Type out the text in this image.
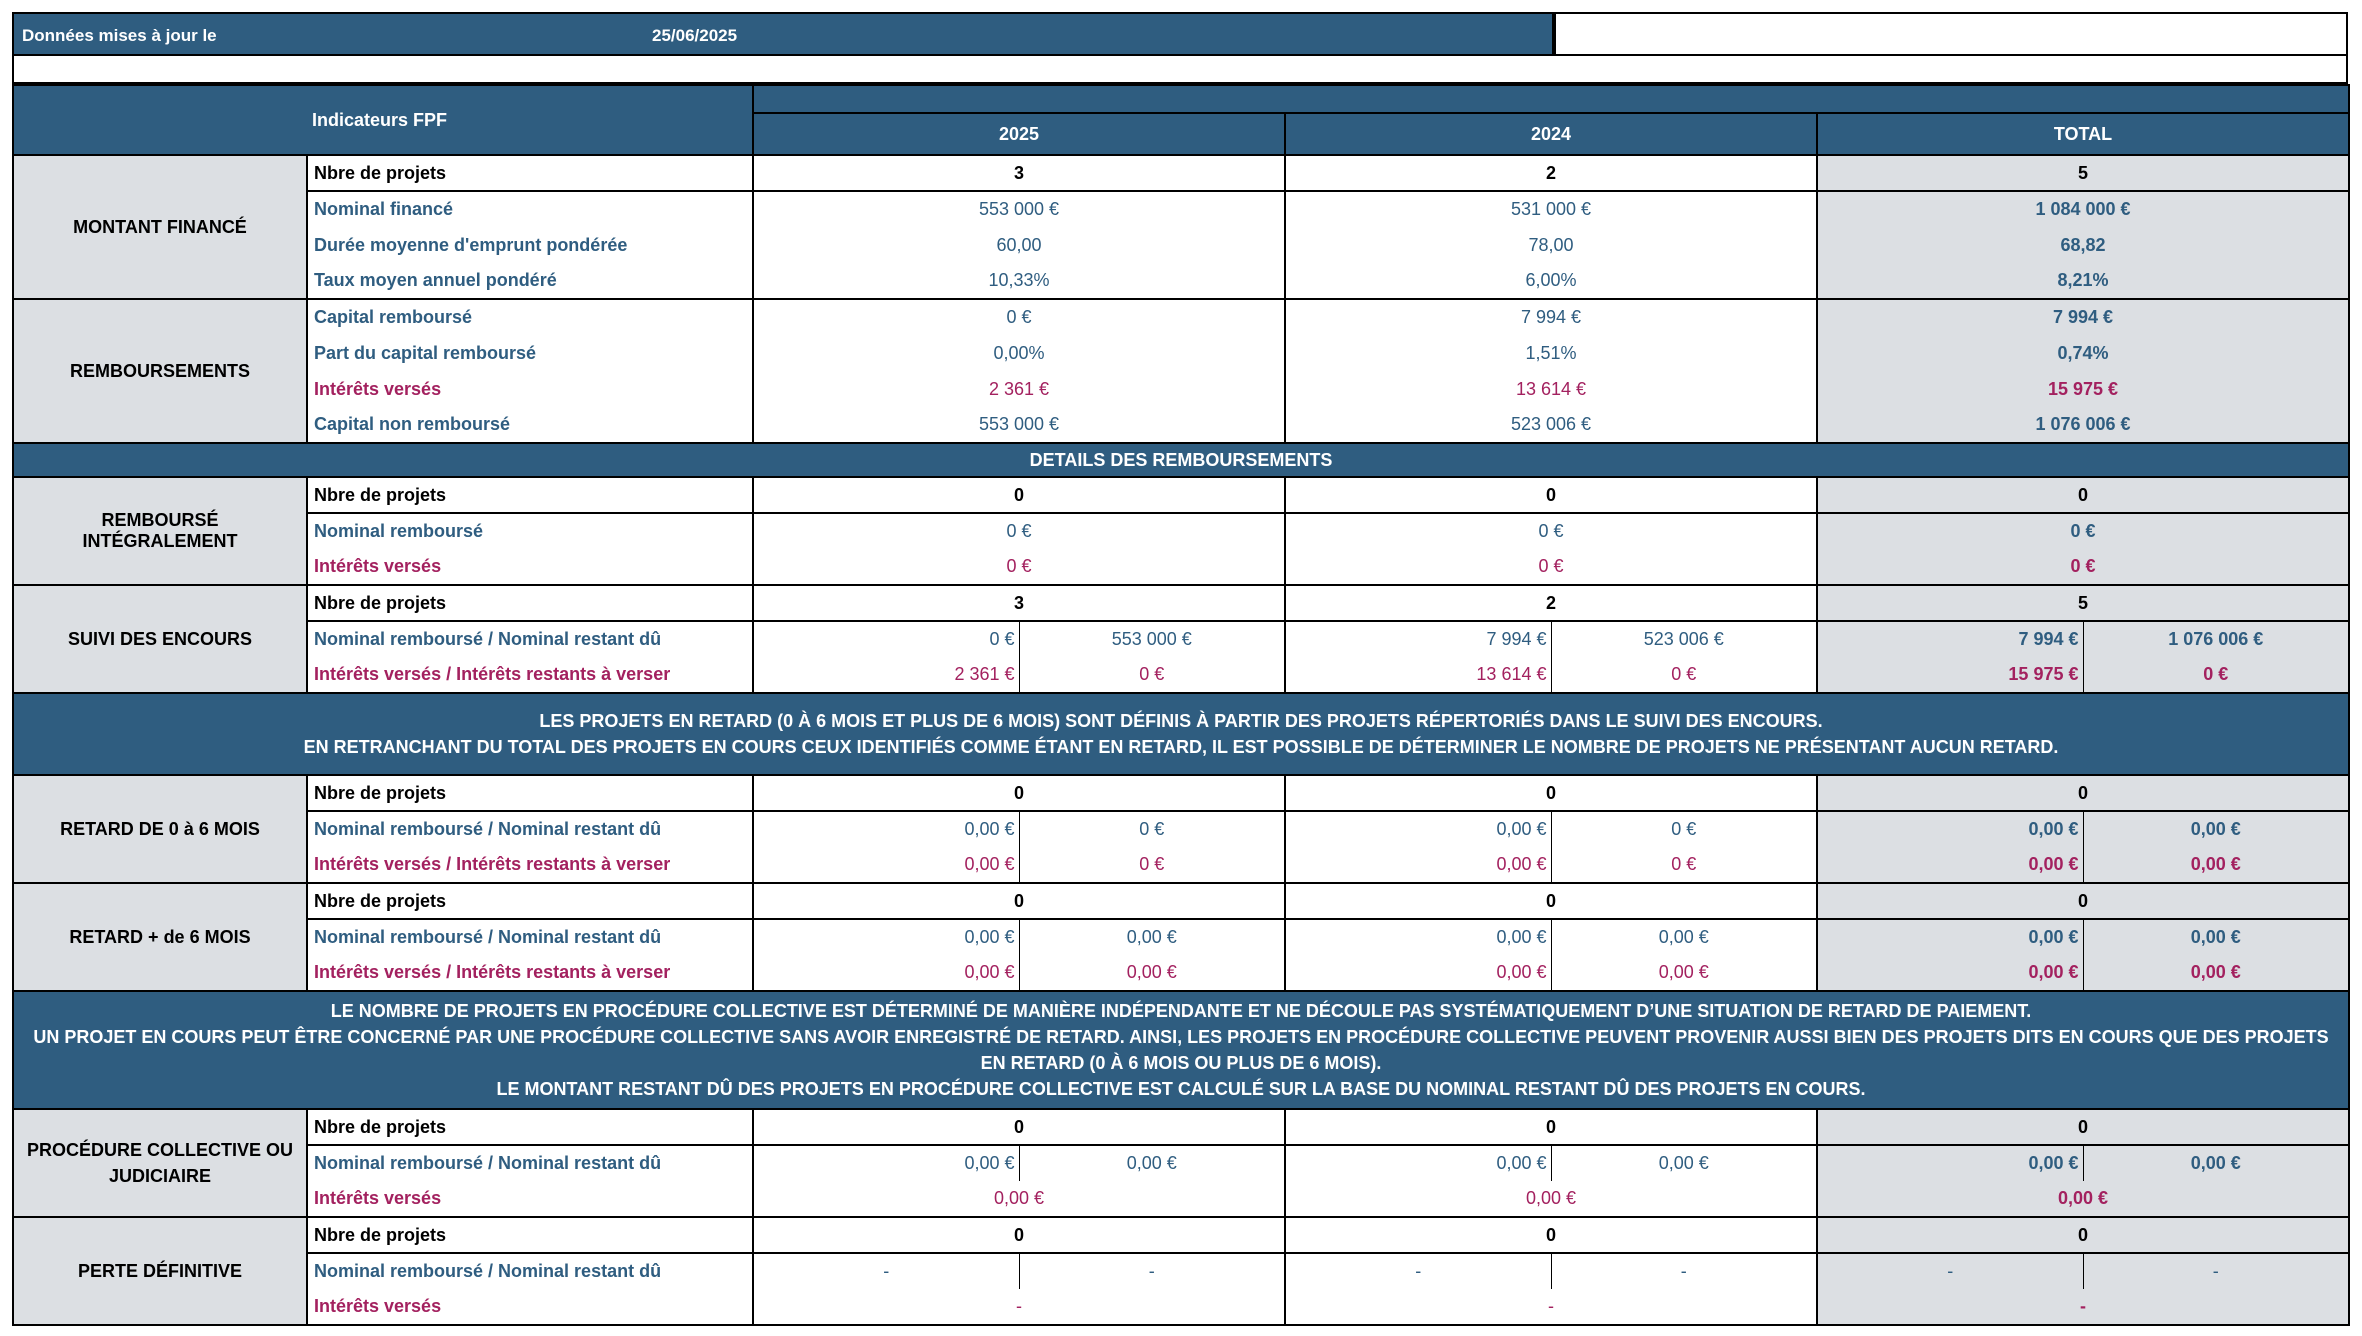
Données mises à jour le	25/06/2025
Indicateurs FPF							
		2025		2024		TOTAL	
MONTANT FINANCÉ	Nbre de projets	3		2		5	
	Nominal financé	553 000 €		531 000 €		1 084 000 €	
	Durée moyenne d'emprunt pondérée	60,00		78,00		68,82	
	Taux moyen annuel pondéré	10,33%		6,00%		8,21%	
REMBOURSEMENTS	Capital remboursé	0 €		7 994 €		7 994 €	
	Part du capital remboursé	0,00%		1,51%		0,74%	
	Intérêts versés	2 361 €		13 614 €		15 975 €	
	Capital non remboursé	553 000 €		523 006 €		1 076 006 €	
DETAILS DES REMBOURSEMENTS							
REMBOURSÉ INTÉGRALEMENT	Nbre de projets	0		0		0	
	Nominal remboursé	0 €		0 €		0 €	
	Intérêts versés	0 €		0 €		0 €	
SUIVI DES ENCOURS	Nbre de projets	3		2		5	
	Nominal remboursé / Nominal restant dû	0 €	553 000 €	7 994 €	523 006 €	7 994 €	1 076 006 €
	Intérêts versés / Intérêts restants à verser	2 361 €	0 €	13 614 €	0 €	15 975 €	0 €

LES PROJETS EN RETARD (0 À 6 MOIS ET PLUS DE 6 MOIS) SONT DÉFINIS À PARTIR DES PROJETS RÉPERTORIÉS DANS LE SUIVI DES ENCOURS.
EN RETRANCHANT DU TOTAL DES PROJETS EN COURS CEUX IDENTIFIÉS COMME ÉTANT EN RETARD, IL EST POSSIBLE DE DÉTERMINER LE NOMBRE DE PROJETS NE PRÉSENTANT AUCUN RETARD.							

RETARD DE 0 à 6 MOIS	Nbre de projets	0		0		0	
	Nominal remboursé / Nominal restant dû	0,00 €	0 €	0,00 €	0 €	0,00 €	0,00 €
	Intérêts versés / Intérêts restants à verser	0,00 €	0 €	0,00 €	0 €	0,00 €	0,00 €
RETARD + de 6 MOIS	Nbre de projets	0		0		0	
	Nominal remboursé / Nominal restant dû	0,00 €	0,00 €	0,00 €	0,00 €	0,00 €	0,00 €
	Intérêts versés / Intérêts restants à verser	0,00 €	0,00 €	0,00 €	0,00 €	0,00 €	0,00 €

LE NOMBRE DE PROJETS EN PROCÉDURE COLLECTIVE EST DÉTERMINÉ DE MANIÈRE INDÉPENDANTE ET NE DÉCOULE PAS SYSTÉMATIQUEMENT D’UNE SITUATION DE RETARD DE PAIEMENT.
UN PROJET EN COURS PEUT ÊTRE CONCERNÉ PAR UNE PROCÉDURE COLLECTIVE SANS AVOIR ENREGISTRÉ DE RETARD. AINSI, LES PROJETS EN PROCÉDURE COLLECTIVE PEUVENT PROVENIR AUSSI BIEN DES PROJETS DITS EN COURS QUE DES PROJETS
EN RETARD (0 À 6 MOIS OU PLUS DE 6 MOIS).
LE MONTANT RESTANT DÛ DES PROJETS EN PROCÉDURE COLLECTIVE EST CALCULÉ SUR LA BASE DU NOMINAL RESTANT DÛ DES PROJETS EN COURS.							

PROCÉDURE COLLECTIVE OU JUDICIAIRE	Nbre de projets	0		0		0	
	Nominal remboursé / Nominal restant dû	0,00 €	0,00 €	0,00 €	0,00 €	0,00 €	0,00 €
	Intérêts versés	0,00 €		0,00 €		0,00 €	
PERTE DÉFINITIVE	Nbre de projets	0		0		0	
	Nominal remboursé / Nominal restant dû	-	-	-	-	-	-
	Intérêts versés	-		-		-	
